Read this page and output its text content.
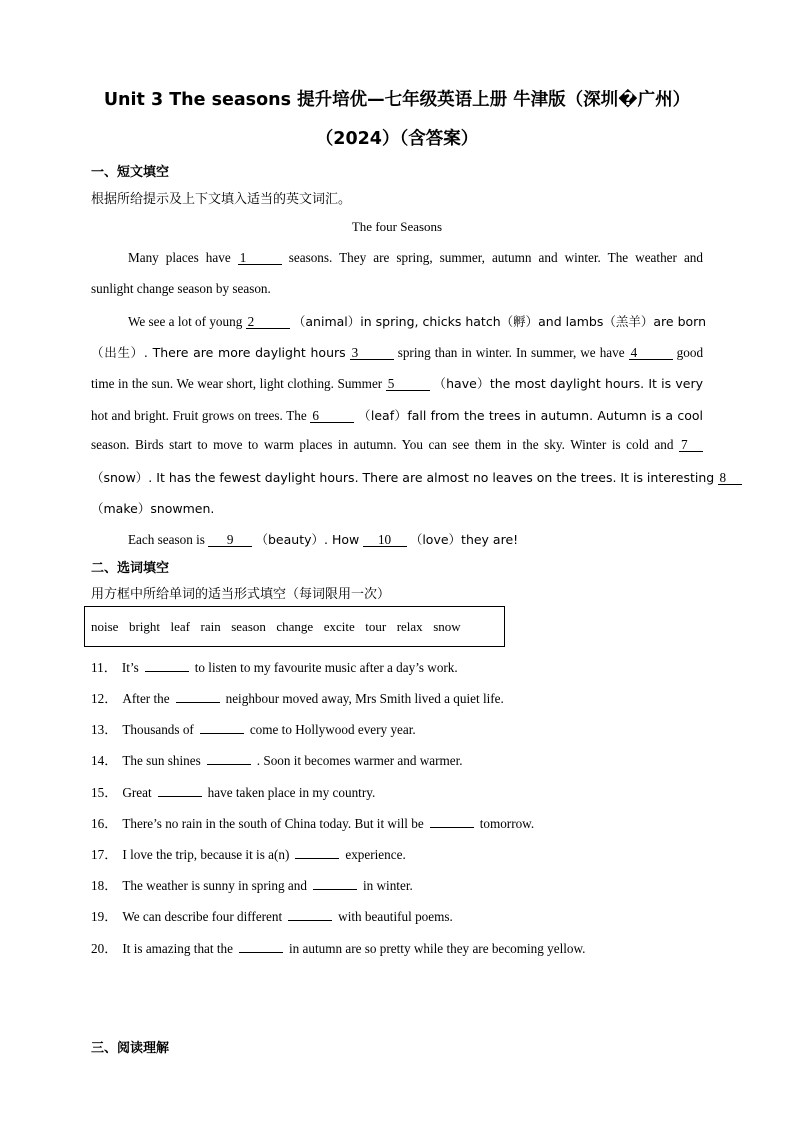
Unit 3 The seasons 提升培优—七年级英语上册 牛津版（深圳�广州）
（2024）（含答案）
一、短文填空
根据所给提示及上下文填入适当的英文词汇。
The four Seasons
Many places have 1	seasons. They are spring, summer, autumn and winter. The weather and
sunlight change season by season.
We see a lot of young 2	（animal）in spring, chicks hatch（孵）and lambs（羔羊）are born
（出生）. There are more daylight hours 3	spring than in winter. In summer, we have 4	good
time in the sun. We wear short, light clothing. Summer 5	（have）the most daylight hours. It is very
hot and bright. Fruit grows on trees. The 6	（leaf）fall from the trees in autumn. Autumn is a cool
season. Birds start to move to warm places in autumn. You can see them in the sky. Winter is cold and 7
（snow）. It has the fewest daylight hours. There are almost no leaves on the trees. It is interesting 8
（make）snowmen.
Each season is 9 （beauty）. How 10 （love）they are!
二、选词填空
用方框中所给单词的适当形式填空（每词限用一次）
noise bright leaf rain season change excite tour relax snow
11． It’s	to listen to my favourite music after a day’s work.
12． After the	neighbour moved away, Mrs Smith lived a quiet life.
13． Thousands of	come to Hollywood every year.
14． The sun shines	. Soon it becomes warmer and warmer.
15． Great	have taken place in my country.
16． There’s no rain in the south of China today. But it will be	tomorrow.
17． I love the trip, because it is a(n)	experience.
18． The weather is sunny in spring and	in winter.
19． We can describe four different	with beautiful poems.
20． It is amazing that the	in autumn are so pretty while they are becoming yellow.
三、阅读理解
